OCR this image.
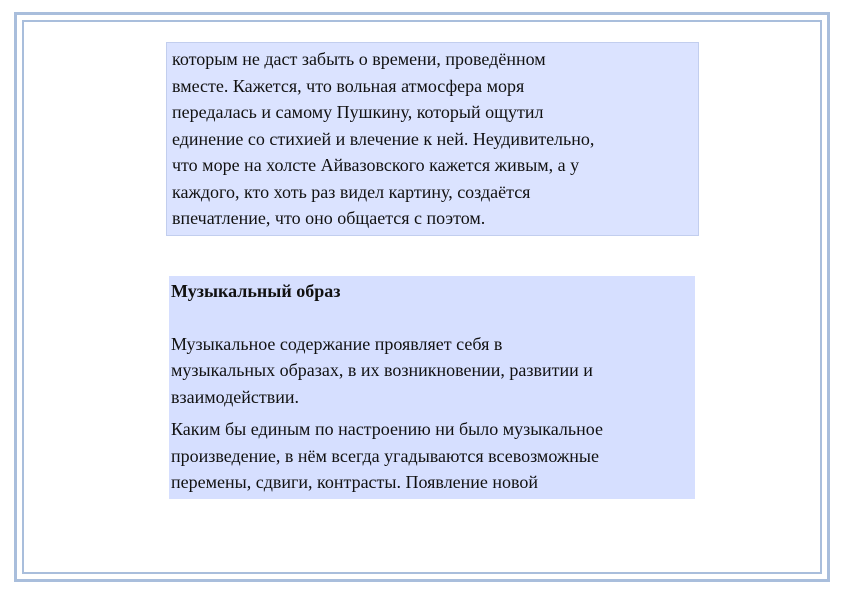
которым не даст забыть о времени, проведённом
вместе. Кажется, что вольная атмосфера моря
передалась и самому Пушкину, который ощутил
единение со стихией и влечение к ней. Неудивительно,
что море на холсте Айвазовского кажется живым, а у
каждого, кто хоть раз видел картину, создаётся
впечатление, что оно общается с поэтом.
Музыкальный образ
Музыкальное содержание проявляет себя в
музыкальных образах, в их возникновении, развитии и
взаимодействии.
Каким бы единым по настроению ни было музыкальное
произведение, в нём всегда угадываются всевозможные
перемены, сдвиги, контрасты. Появление новой
